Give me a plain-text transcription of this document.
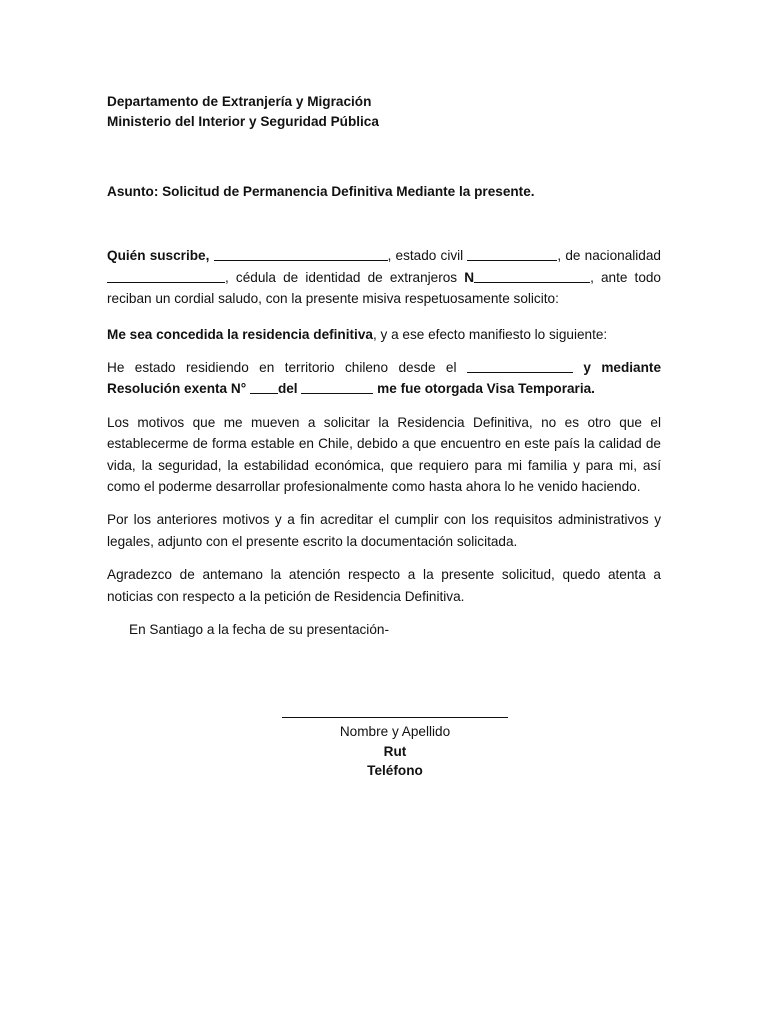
Departamento de Extranjería y Migración
Ministerio del Interior y Seguridad Pública
Asunto: Solicitud de Permanencia Definitiva Mediante la presente.
Quién suscribe,	, estado civil	, de nacionalidad , cédula de identidad de extranjeros N	, ante todo reciban un cordial saludo, con la presente misiva respetuosamente solicito:
Me sea concedida la residencia definitiva, y a ese efecto manifiesto lo siguiente:
He estado residiendo en territorio chileno desde el	y mediante Resolución exenta N° del	me fue otorgada Visa Temporaria.
Los motivos que me mueven a solicitar la Residencia Definitiva, no es otro que el establecerme de forma estable en Chile, debido a que encuentro en este país la calidad de vida, la seguridad, la estabilidad económica, que requiero para mi familia y para mi, así como el poderme desarrollar profesionalmente como hasta ahora lo he venido haciendo.
Por los anteriores motivos y a fin acreditar el cumplir con los requisitos administrativos y legales, adjunto con el presente escrito la documentación solicitada.
Agradezco de antemano la atención respecto a la presente solicitud, quedo atenta a noticias con respecto a la petición de Residencia Definitiva.
En Santiago a la fecha de su presentación-
Nombre y Apellido
Rut
Teléfono
